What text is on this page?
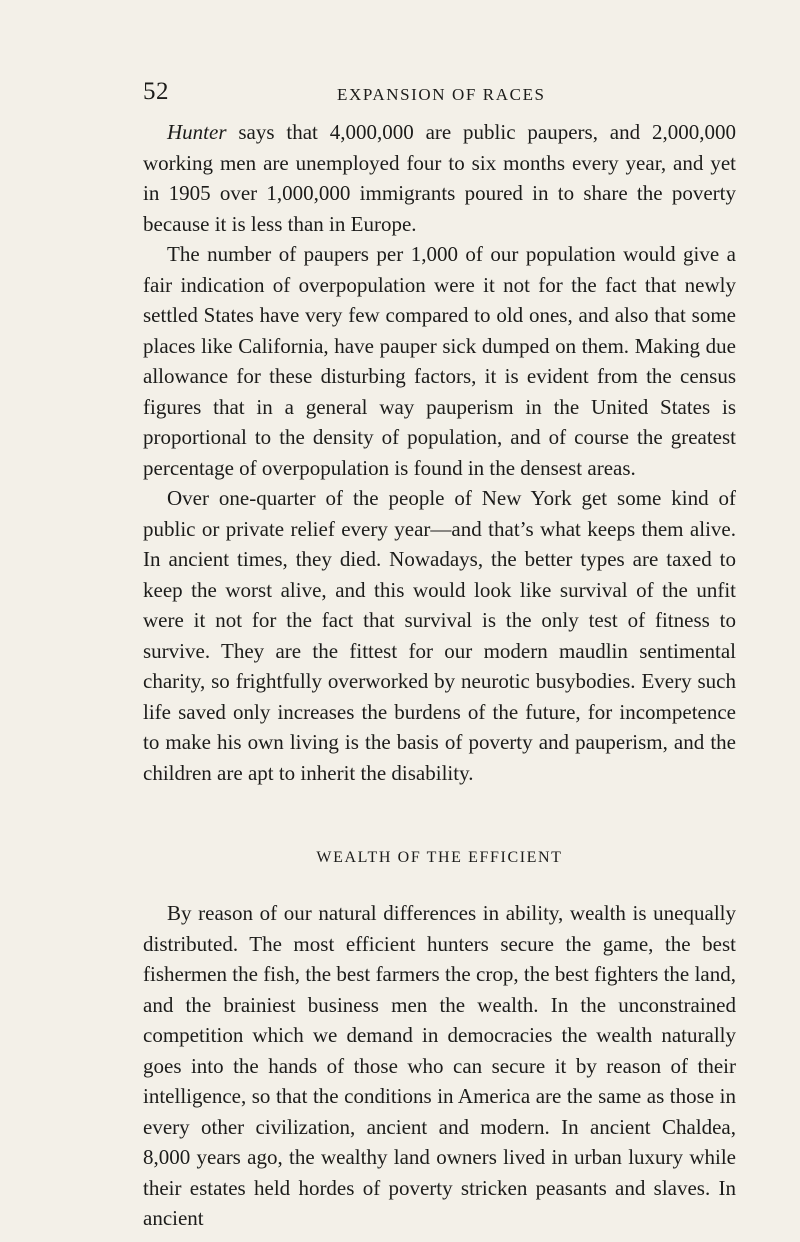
52	EXPANSION OF RACES

Hunter says that 4,000,000 are public paupers, and 2,000,000 working men are unemployed four to six months every year, and yet in 1905 over 1,000,000 immigrants poured in to share the poverty because it is less than in Europe.

The number of paupers per 1,000 of our population would give a fair indication of overpopulation were it not for the fact that newly settled States have very few compared to old ones, and also that some places like California, have pauper sick dumped on them. Making due allowance for these disturbing factors, it is evident from the census figures that in a general way pauperism in the United States is proportional to the density of population, and of course the greatest percentage of overpopulation is found in the densest areas.

Over one-quarter of the people of New York get some kind of public or private relief every year—and that’s what keeps them alive. In ancient times, they died. Nowadays, the better types are taxed to keep the worst alive, and this would look like survival of the unfit were it not for the fact that survival is the only test of fitness to survive. They are the fittest for our modern maudlin sentimental charity, so frightfully overworked by neurotic busybodies. Every such life saved only increases the burdens of the future, for incompetence to make his own living is the basis of poverty and pauperism, and the children are apt to inherit the disability.

WEALTH OF THE EFFICIENT

By reason of our natural differences in ability, wealth is unequally distributed. The most efficient hunters secure the game, the best fishermen the fish, the best farmers the crop, the best fighters the land, and the brainiest business men the wealth. In the unconstrained competition which we demand in democracies the wealth naturally goes into the hands of those who can secure it by reason of their intelligence, so that the conditions in America are the same as those in every other civilization, ancient and modern. In ancient Chaldea, 8,000 years ago, the wealthy land owners lived in urban luxury while their estates held hordes of poverty stricken peasants and slaves. In ancient
